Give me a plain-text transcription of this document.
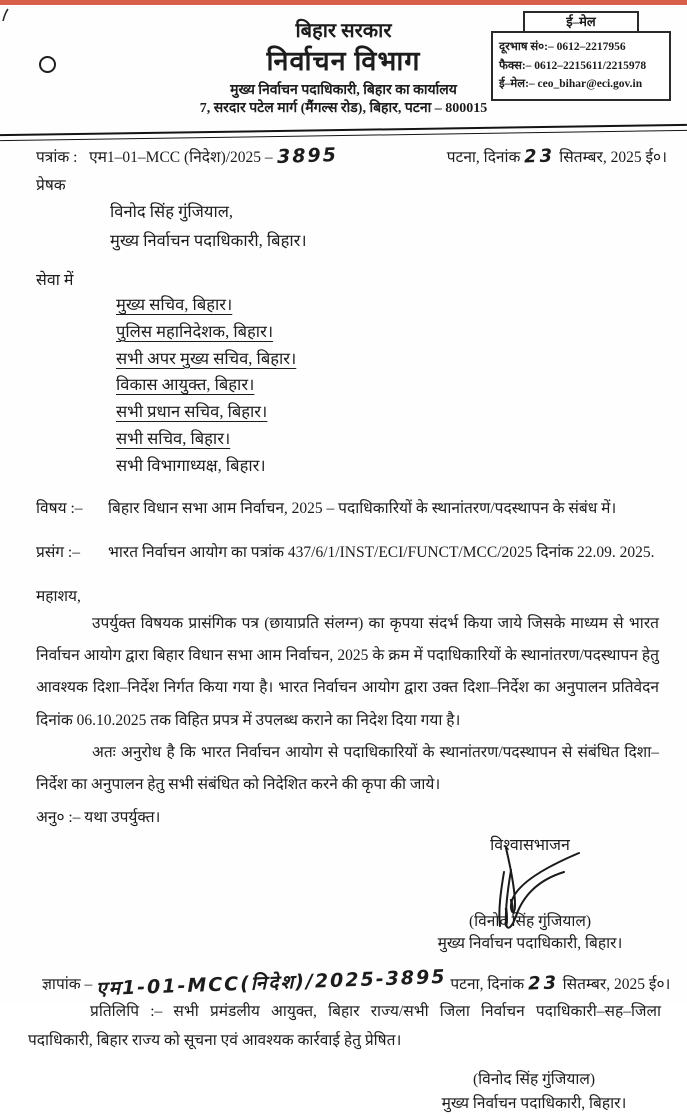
बिहार सरकार
निर्वाचन विभाग
मुख्य निर्वाचन पदाधिकारी, बिहार का कार्यालय
7, सरदार पटेल मार्ग (मैंगल्स रोड), बिहार, पटना – 800015
ई–मेल
दूरभाष सं०:– 0612–2217956
फैक्स:– 0612–2215611/2215978
ई–मेल:– ceo_bihar@eci.gov.in
पत्रांक : एम1–01–MCC (निदेश)/2025 – 3895	पटना, दिनांक 23 सितम्बर, 2025 ई०।
प्रेषक
विनोद सिंह गुंजियाल,
मुख्य निर्वाचन पदाधिकारी, बिहार।
सेवा में
मुख्य सचिव, बिहार।
पुलिस महानिदेशक, बिहार।
सभी अपर मुख्य सचिव, बिहार।
विकास आयुक्त, बिहार।
सभी प्रधान सचिव, बिहार।
सभी सचिव, बिहार।
सभी विभागाध्यक्ष, बिहार।
विषय :–	बिहार विधान सभा आम निर्वाचन, 2025 – पदाधिकारियों के स्थानांतरण/पदस्थापन के संबंध में।
प्रसंग :–	भारत निर्वाचन आयोग का पत्रांक 437/6/1/INST/ECI/FUNCT/MCC/2025 दिनांक 22.09. 2025.
महाशय,
उपर्युक्त विषयक प्रासंगिक पत्र (छायाप्रति संलग्न) का कृपया संदर्भ किया जाये जिसके माध्यम से भारत निर्वाचन आयोग द्वारा बिहार विधान सभा आम निर्वाचन, 2025 के क्रम में पदाधिकारियों के स्थानांतरण/पदस्थापन हेतु आवश्यक दिशा–निर्देश निर्गत किया गया है। भारत निर्वाचन आयोग द्वारा उक्त दिशा–निर्देश का अनुपालन प्रतिवेदन दिनांक 06.10.2025 तक विहित प्रपत्र में उपलब्ध कराने का निदेश दिया गया है।
अतः अनुरोध है कि भारत निर्वाचन आयोग से पदाधिकारियों के स्थानांतरण/पदस्थापन से संबंधित दिशा–निर्देश का अनुपालन हेतु सभी संबंधित को निदेशित करने की कृपा की जाये।
अनु० :– यथा उपर्युक्त।
विश्वासभाजन
(विनोद सिंह गुंजियाल)
मुख्य निर्वाचन पदाधिकारी, बिहार।
ज्ञापांक – एम1-01-MCC(निदेश)/2025-3895 पटना, दिनांक 23 सितम्बर, 2025 ई०।
प्रतिलिपि :– सभी प्रमंडलीय आयुक्त, बिहार राज्य/सभी जिला निर्वाचन पदाधिकारी–सह–जिला पदाधिकारी, बिहार राज्य को सूचना एवं आवश्यक कार्रवाई हेतु प्रेषित।
(विनोद सिंह गुंजियाल)
मुख्य निर्वाचन पदाधिकारी, बिहार।
